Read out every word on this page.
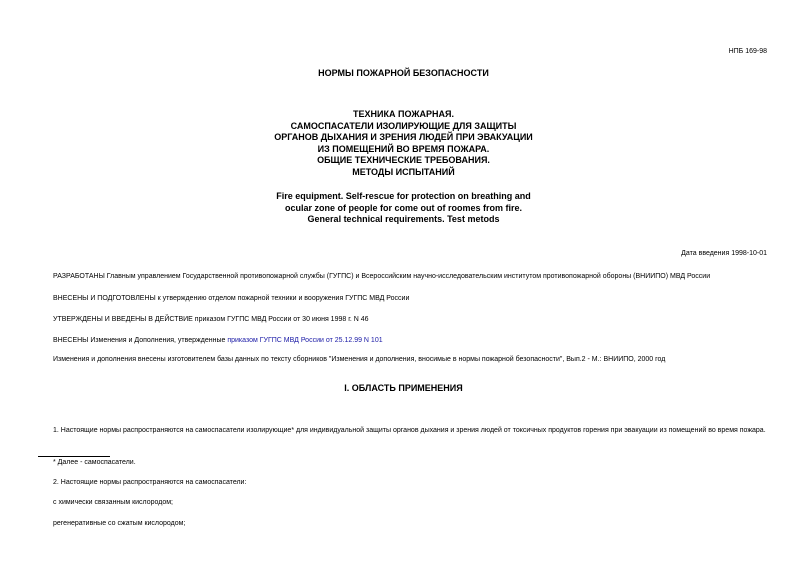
НПБ 169-98
НОРМЫ ПОЖАРНОЙ БЕЗОПАСНОСТИ
ТЕХНИКА ПОЖАРНАЯ.
САМОСПАСАТЕЛИ ИЗОЛИРУЮЩИЕ ДЛЯ ЗАЩИТЫ
ОРГАНОВ ДЫХАНИЯ И ЗРЕНИЯ ЛЮДЕЙ ПРИ ЭВАКУАЦИИ
ИЗ ПОМЕЩЕНИЙ ВО ВРЕМЯ ПОЖАРА.
ОБЩИЕ ТЕХНИЧЕСКИЕ ТРЕБОВАНИЯ.
МЕТОДЫ ИСПЫТАНИЙ
Fire equipment. Self-rescue for protection on breathing and
ocular zone of people for come out of roomes from fire.
General technical requirements. Test metods
Дата введения 1998-10-01
РАЗРАБОТАНЫ Главным управлением Государственной противопожарной службы (ГУГПС) и Всероссийским научно-исследовательским институтом противопожарной обороны (ВНИИПО) МВД России
ВНЕСЕНЫ И ПОДГОТОВЛЕНЫ к утверждению отделом пожарной техники и вооружения ГУГПС МВД России
УТВЕРЖДЕНЫ И ВВЕДЕНЫ В ДЕЙСТВИЕ приказом ГУГПС МВД России от 30 июня 1998 г. N 46
ВНЕСЕНЫ Изменения и Дополнения, утвержденные приказом ГУГПС МВД России от 25.12.99 N 101
Изменения и дополнения внесены изготовителем базы данных по тексту сборников "Изменения и дополнения, вносимые в нормы пожарной безопасности", Вып.2 - М.: ВНИИПО, 2000 год
I. ОБЛАСТЬ ПРИМЕНЕНИЯ
1. Настоящие нормы распространяются на самоспасатели изолирующие* для индивидуальной защиты органов дыхания и зрения людей от токсичных продуктов горения при эвакуации из помещений во время пожара.
* Далее - самоспасатели.
2. Настоящие нормы распространяются на самоспасатели:
с химически связанным кислородом;
регенеративные со сжатым кислородом;
